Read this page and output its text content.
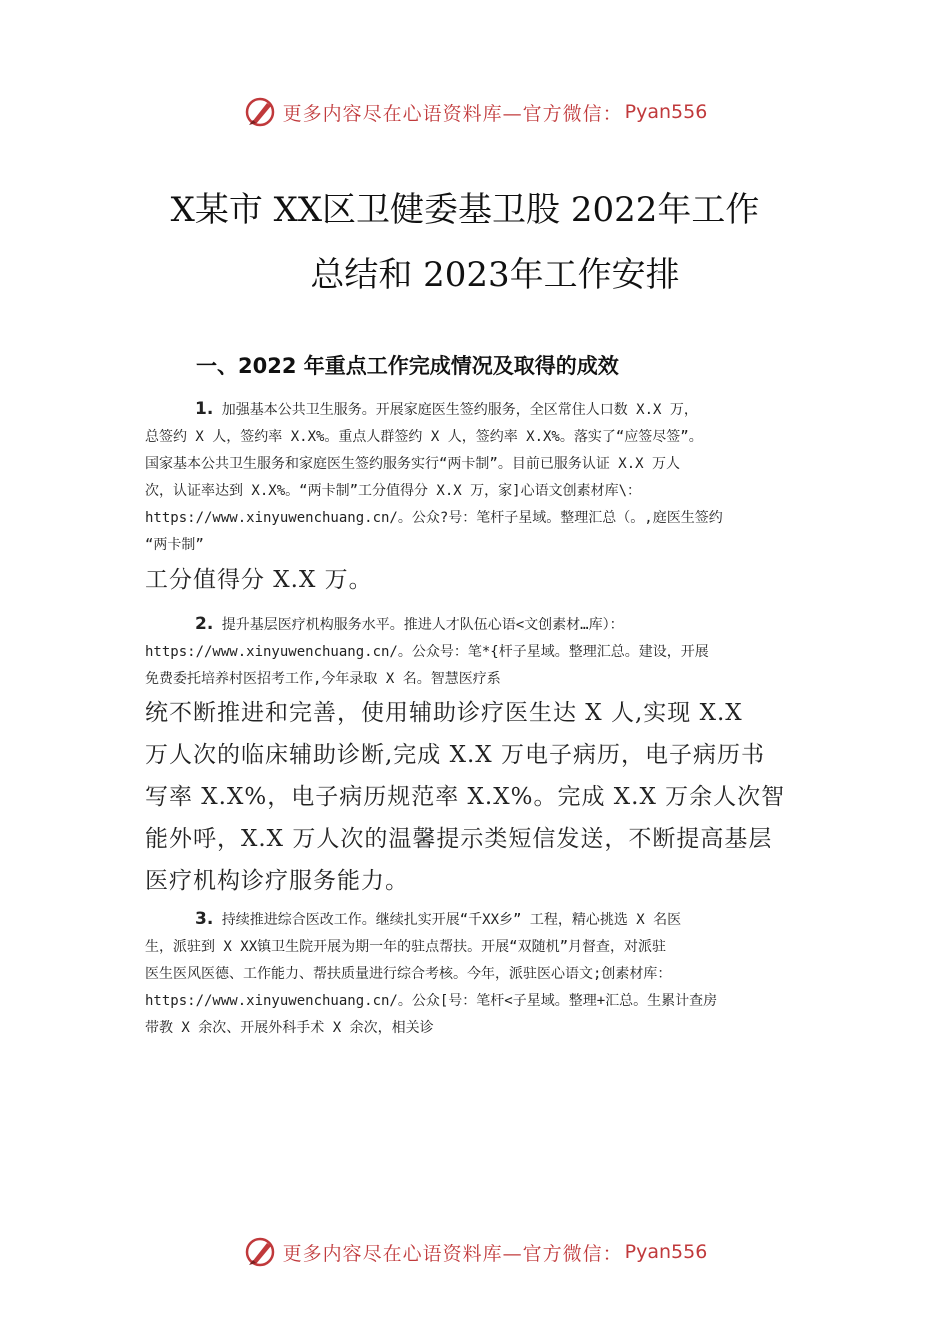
更多内容尽在心语资料库—官方微信： Pyan556
X某市 XX区卫健委基卫股 2022年工作
总结和 2023年工作安排
一、2022 年重点工作完成情况及取得的成效
1. 加强基本公共卫生服务。开展家庭医生签约服务，全区常住人口数 X.X 万，
总签约 X 人，签约率 X.X%。重点人群签约 X 人，签约率 X.X%。落实了“应签尽签”。
国家基本公共卫生服务和家庭医生签约服务实行“两卡制”。目前已服务认证 X.X 万人
次，认证率达到 X.X%。“两卡制”工分值得分 X.X 万，家]心语文创素材库\：
https://www.xinyuwenchuang.cn/。公众?号：笔杆子星域。整理汇总（。,庭医生签约
“两卡制”
工分值得分 X.X 万。
2. 提升基层医疗机构服务水平。推进人才队伍心语<文创素材…库）：
https://www.xinyuwenchuang.cn/。公众号：笔*{杆子星域。整理汇总。建设，开展
免费委托培养村医招考工作,今年录取 X 名。智慧医疗系
统不断推进和完善，使用辅助诊疗医生达 X 人,实现 X.X
万人次的临床辅助诊断,完成 X.X 万电子病历，电子病历书
写率 X.X%，电子病历规范率 X.X%。完成 X.X 万余人次智
能外呼，X.X 万人次的温馨提示类短信发送，不断提高基层
医疗机构诊疗服务能力。
3. 持续推进综合医改工作。继续扎实开展“千XX乡” 工程，精心挑选 X 名医
生，派驻到 X XX镇卫生院开展为期一年的驻点帮扶。开展“双随机”月督查，对派驻
医生医风医德、工作能力、帮扶质量进行综合考核。今年，派驻医心语文;创素材库：
https://www.xinyuwenchuang.cn/。公众[号：笔杆<子星域。整理+汇总。生累计查房
带教 X 余次、开展外科手术 X 余次，相关诊
更多内容尽在心语资料库—官方微信： Pyan556
